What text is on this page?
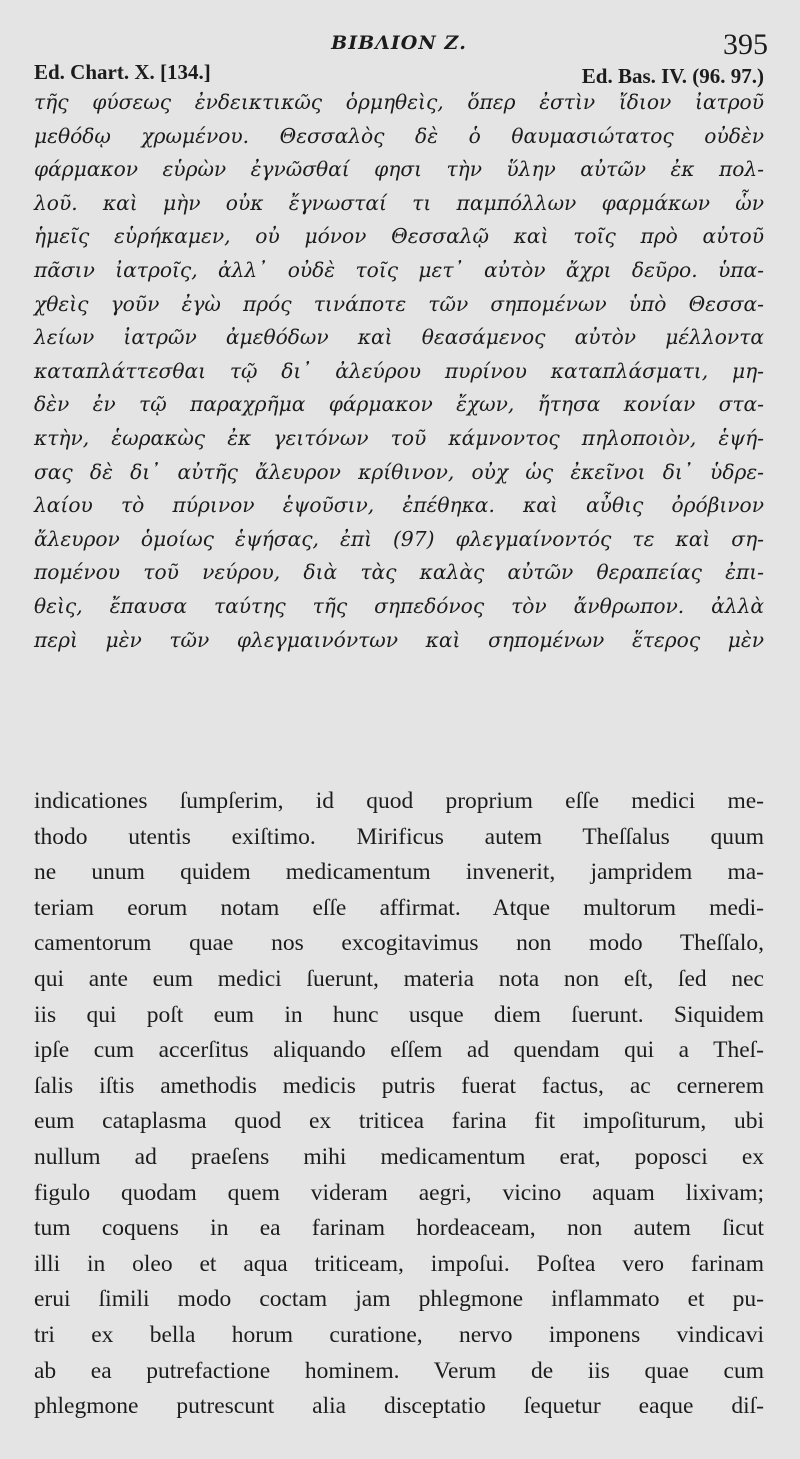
BIBΛION Ζ.	395
Ed. Chart. X. [134.]	Ed. Bas. IV. (96. 97.)
τῆς φύσεως ἐνδεικτικῶς ὁρμηθεὶς, ὅπερ ἐστὶν ἴδιον ἰατροῦ
μεθόδῳ χρωμένου. Θεσσαλὸς δὲ ὁ θαυμασιώτατος οὐδὲν
φάρμακον εὑρὼν ἐγνῶσθαί φησι τὴν ὕλην αὐτῶν ἐκ πολ-
λοῦ. καὶ μὴν οὐκ ἔγνωσταί τι παμπόλλων φαρμάκων ὧν
ἡμεῖς εὑρήκαμεν, οὐ μόνον Θεσσαλῷ καὶ τοῖς πρὸ αὐτοῦ
πᾶσιν ἰατροῖς, ἀλλ᾽ οὐδὲ τοῖς μετ᾽ αὐτὸν ἄχρι δεῦρο. ὑπα-
χθεὶς γοῦν ἐγὼ πρός τινάποτε τῶν σηπομένων ὑπὸ Θεσσα-
λείων ἰατρῶν ἀμεθόδων καὶ θεασάμενος αὐτὸν μέλλοντα
καταπλάττεσθαι τῷ δι᾽ ἀλεύρου πυρίνου καταπλάσματι, μη-
δὲν ἐν τῷ παραχρῆμα φάρμακον ἔχων, ἤτησα κονίαν στα-
κτὴν, ἑωρακὼς ἐκ γειτόνων τοῦ κάμνοντος πηλοποιὸν, ἑψή-
σας δὲ δι᾽ αὐτῆς ἄλευρον κρίθινον, οὐχ ὡς ἐκεῖνοι δι᾽ ὑδρε-
λαίου τὸ πύρινον ἑψοῦσιν, ἐπέθηκα. καὶ αὖθις ὀρόβινον
ἄλευρον ὁμοίως ἑψήσας, ἐπὶ (97) φλεγμαίνοντός τε καὶ ση-
πομένου τοῦ νεύρου, διὰ τὰς καλὰς αὐτῶν θεραπείας ἐπι-
θεὶς, ἔπαυσα ταύτης τῆς σηπεδόνος τὸν ἄνθρωπον. ἀλλὰ
περὶ μὲν τῶν φλεγμαινόντων καὶ σηπομένων ἕτερος μὲν
indicationes ſumpſerim, id quod proprium eſſe medici me-
thodo utentis exiſtimo. Mirificus autem Theſſalus quum
ne unum quidem medicamentum invenerit, jampridem ma-
teriam eorum notam eſſe affirmat. Atque multorum medi-
camentorum quae nos excogitavimus non modo Theſſalo,
qui ante eum medici ſuerunt, materia nota non eſt, ſed nec
iis qui poſt eum in hunc usque diem ſuerunt. Siquidem
ipſe cum accerſitus aliquando eſſem ad quendam qui a Theſ-
ſalis iſtis amethodis medicis putris fuerat factus, ac cernerem
eum cataplasma quod ex triticea farina fit impoſiturum, ubi
nullum ad praeſens mihi medicamentum erat, poposci ex
figulo quodam quem videram aegri, vicino aquam lixivam;
tum coquens in ea farinam hordeaceam, non autem ſicut
illi in oleo et aqua triticeam, impoſui. Poſtea vero farinam
erui ſimili modo coctam jam phlegmone inflammato et pu-
tri ex bella horum curatione, nervo imponens vindicavi
ab ea putrefactione hominem. Verum de iis quae cum
phlegmone putrescunt alia disceptatio ſequetur eaque diſ-
